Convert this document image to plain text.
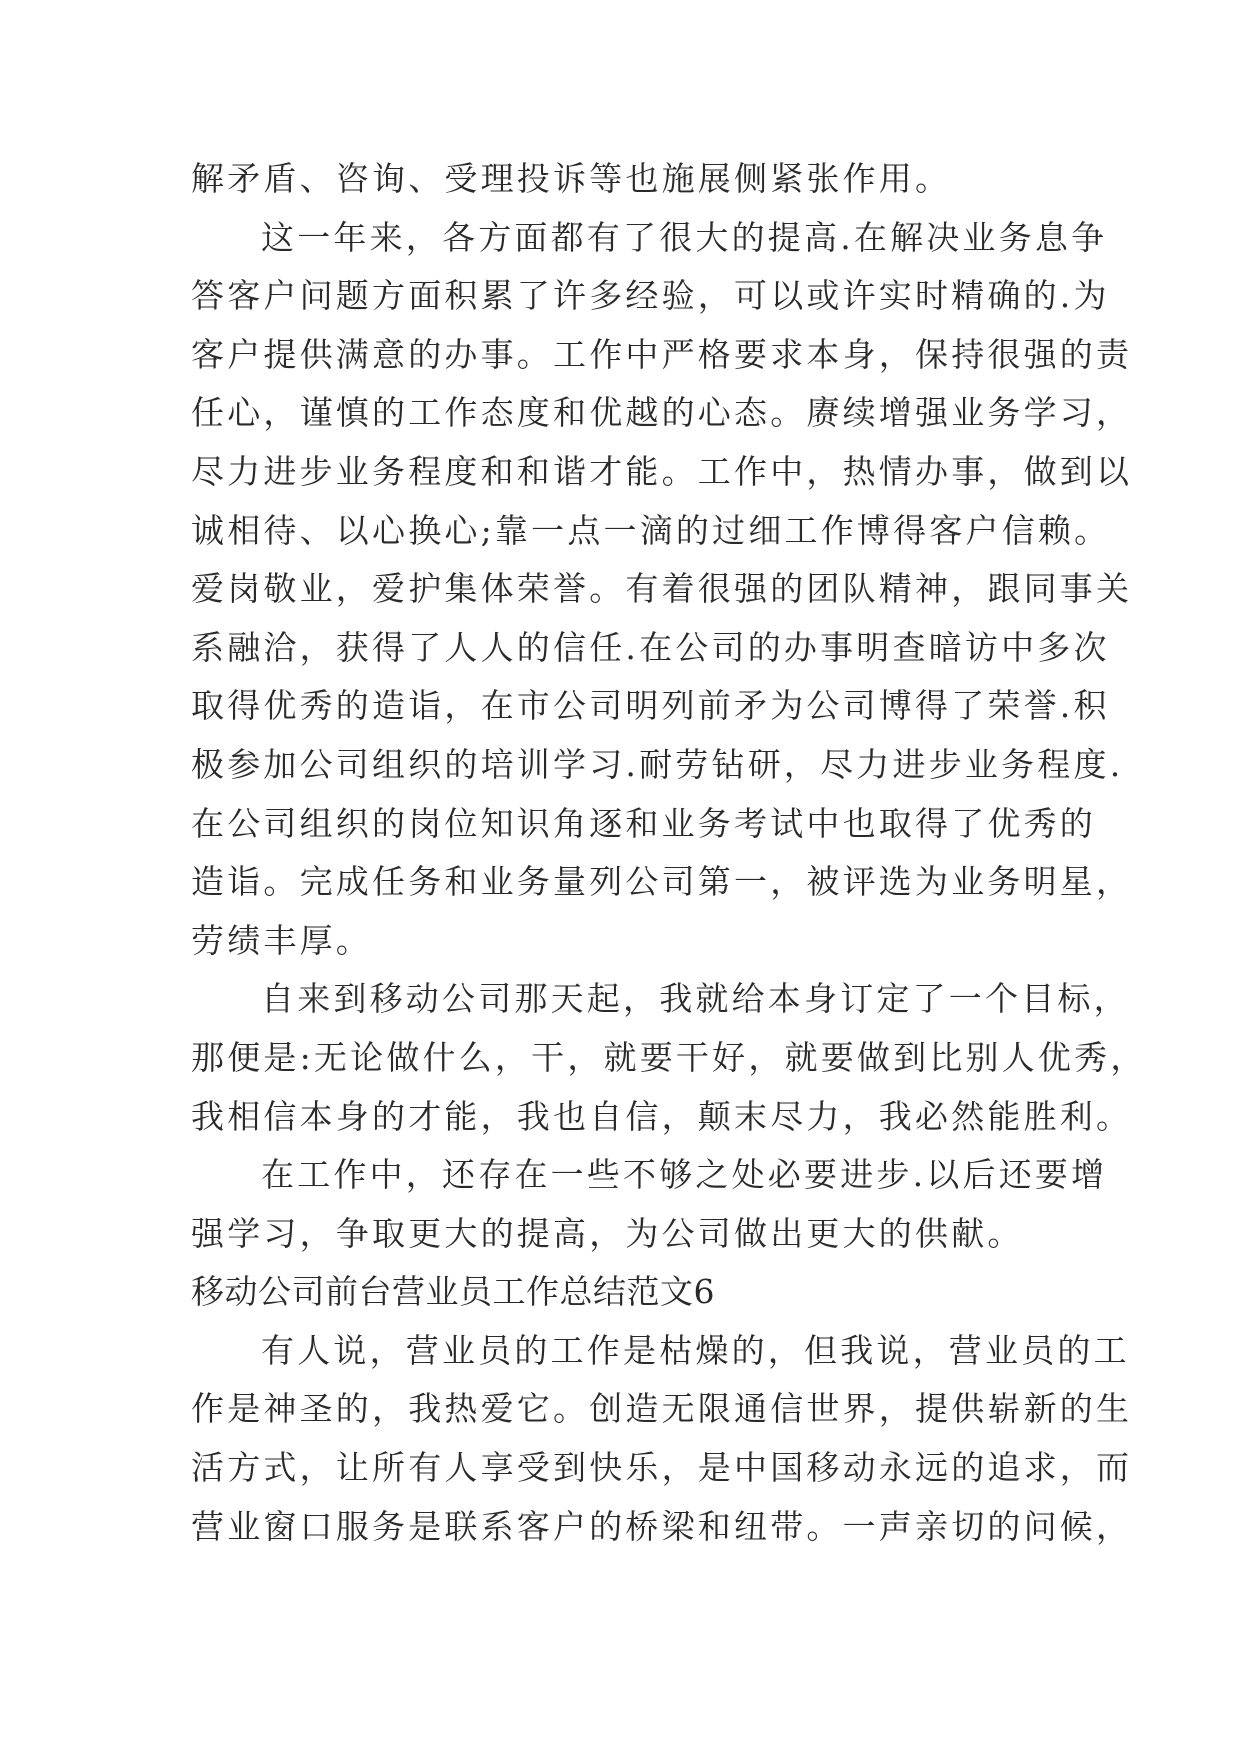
解矛盾、咨询、受理投诉等也施展侧紧张作用。
这一年来，各方面都有了很大的提高.在解决业务息争
答客户问题方面积累了许多经验，可以或许实时精确的.为
客户提供满意的办事。工作中严格要求本身，保持很强的责
任心，谨慎的工作态度和优越的心态。赓续增强业务学习，
尽力进步业务程度和和谐才能。工作中，热情办事，做到以
诚相待、以心换心;靠一点一滴的过细工作博得客户信赖。
爱岗敬业，爱护集体荣誉。有着很强的团队精神，跟同事关
系融洽，获得了人人的信任.在公司的办事明查暗访中多次
取得优秀的造诣，在市公司明列前矛为公司博得了荣誉.积
极参加公司组织的培训学习.耐劳钻研，尽力进步业务程度.
在公司组织的岗位知识角逐和业务考试中也取得了优秀的
造诣。完成任务和业务量列公司第一，被评选为业务明星，
劳绩丰厚。
自来到移动公司那天起，我就给本身订定了一个目标，
那便是:无论做什么，干，就要干好，就要做到比别人优秀，
我相信本身的才能，我也自信，颠末尽力，我必然能胜利。
在工作中，还存在一些不够之处必要进步.以后还要增
强学习，争取更大的提高，为公司做出更大的供献。
移动公司前台营业员工作总结范文6
有人说，营业员的工作是枯燥的，但我说，营业员的工
作是神圣的，我热爱它。创造无限通信世界，提供崭新的生
活方式，让所有人享受到快乐，是中国移动永远的追求，而
营业窗口服务是联系客户的桥梁和纽带。一声亲切的问候，
